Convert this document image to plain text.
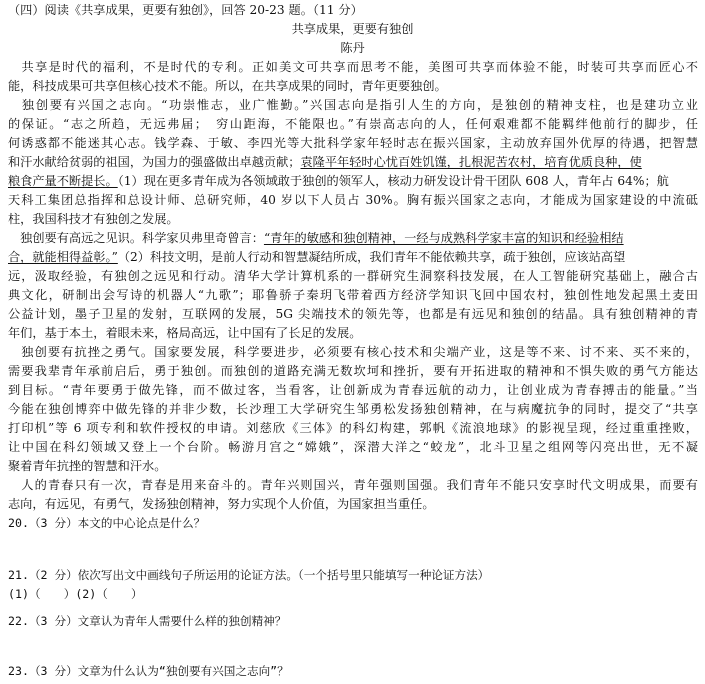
（四）阅读《共享成果，更要有独创》，回答 20-23 题。（11 分）
共享成果，更要有独创
陈丹
　共享是时代的福利，不是时代的专利。正如美文可共享而思考不能，美图可共享而体验不能，时装可共享而匠心不
能，科技成果可共享但核心技术不能。所以，在共享成果的同时，青年更要独创。
　独创要有兴国之志向。“功崇惟志，业广惟勤。”兴国志向是指引人生的方向，是独创的精神支柱，也是建功立业
的保证。“志之所趋，无远弗届；　穷山距海，不能限也。”有崇高志向的人，任何艰难都不能羁绊他前行的脚步，任
何诱惑都不能迷其心志。钱学森、于敏、李四光等大批科学家年轻时志在振兴国家，主动放弃国外优厚的待遇，把智慧
和汗水献给贫弱的祖国，为国力的强盛做出卓越贡献；袁隆平年轻时心忧百姓饥馑，扎根泥苦农村，培育优质良种，使
粮食产量不断提长。（1）现在更多青年成为各领域敢于独创的领军人，核动力研发设计骨干团队 608 人，青年占 64%；航
天科工集团总指挥和总设计师、总研究师，40 岁以下人员占 30%。胸有振兴国家之志向，才能成为国家建设的中流砥
柱，我国科技才有独创之发展。
　独创要有高远之见识。科学家贝弗里奇曾言：“青年的敏感和独创精神，一经与成熟科学家丰富的知识和经验相结
合，就能相得益彰。”（2）科技文明，是前人行动和智慧凝结所成，我们青年不能依赖共享，疏于独创，应该站高望
远，汲取经验，有独创之远见和行动。清华大学计算机系的一群研究生洞察科技发展，在人工智能研究基础上，融合古
典文化，研制出会写诗的机器人“九歌”；耶鲁骄子秦玥飞带着西方经济学知识飞回中国农村，独创性地发起黑土麦田
公益计划，墨子卫星的发射，互联网的发展，5G 尖端技术的领先等，也都是有远见和独创的结晶。具有独创精神的青
年们，基于本土，着眼未来，格局高远，让中国有了长足的发展。
　独创要有抗挫之勇气。国家要发展，科学要进步，必须要有核心技术和尖端产业，这是等不来、讨不来、买不来的，
需要我辈青年承前启后，勇于独创。而独创的道路充满无数坎坷和挫折，要有开拓进取的精神和不惧失败的勇气方能达
到目标。“青年要勇于做先锋，而不做过客，当看客，让创新成为青春远航的动力，让创业成为青春搏击的能量。”当
今能在独创博弈中做先锋的并非少数，长沙理工大学研究生邹勇松发扬独创精神，在与病魔抗争的同时，提交了“共享
打印机”等 6 项专利和软件授权的申请。刘慈欣《三体》的科幻构建，郭帆《流浪地球》的影视呈现，经过重重挫败，
让中国在科幻领域又登上一个台阶。畅游月宫之“嫦娥”，深潜大洋之“蛟龙”，北斗卫星之组网等闪亮出世，无不凝
聚着青年抗挫的智慧和汗水。
　人的青春只有一次，青春是用来奋斗的。青年兴则国兴，青年强则国强。我们青年不能只安享时代文明成果，而要有
志向，有远见，有勇气，发扬独创精神，努力实现个人价值，为国家担当重任。
20.（3 分）本文的中心论点是什么？
21.（2 分）依次写出文中画线句子所运用的论证方法。（一个括号里只能填写一种论证方法）
(1)（　　）(2)（　　）
22.（3 分）文章认为青年人需要什么样的独创精神？
23.（3 分）文章为什么认为“独创要有兴国之志向”？
